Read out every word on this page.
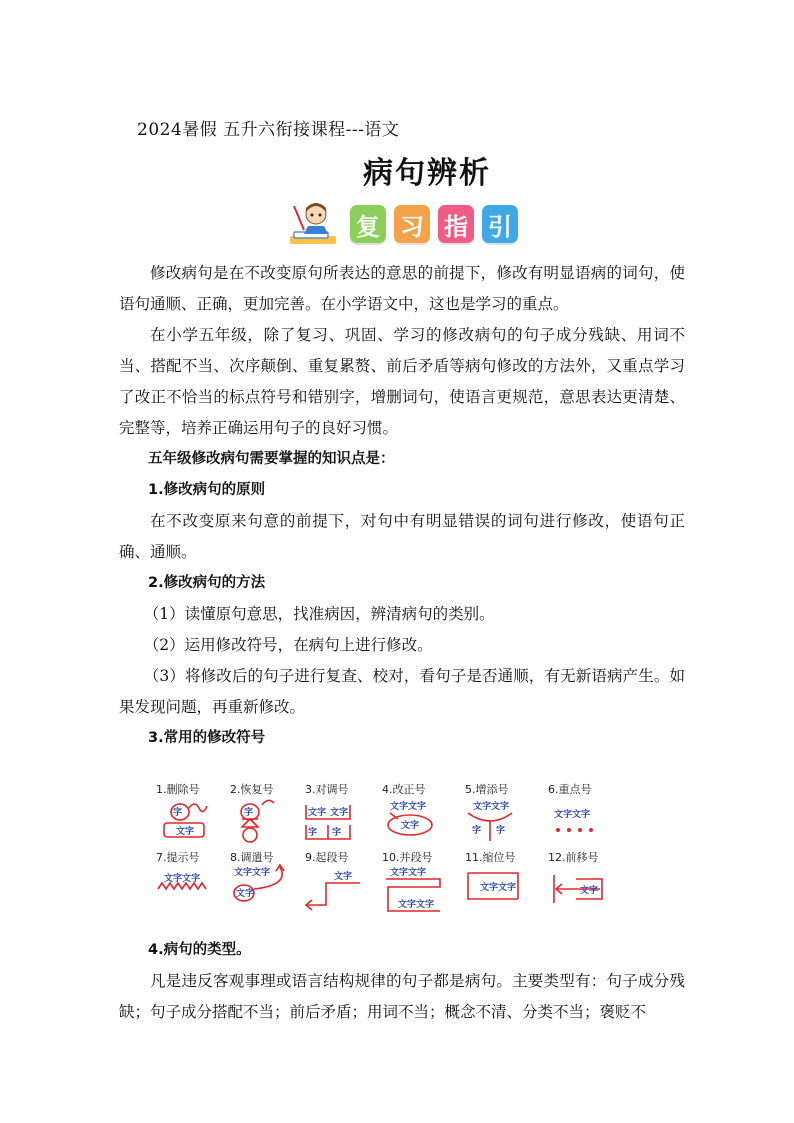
2024暑假 五升六衔接课程---语文
病句辨析
复 习 指 引

修改病句是在不改变原句所表达的意思的前提下，修改有明显语病的词句，使语句通顺、正确，更加完善。在小学语文中，这也是学习的重点。

在小学五年级，除了复习、巩固、学习的修改病句的句子成分残缺、用词不当、搭配不当、次序颠倒、重复累赘、前后矛盾等病句修改的方法外，又重点学习了改正不恰当的标点符号和错别字，增删词句，使语言更规范，意思表达更清楚、完整等，培养正确运用句子的良好习惯。

五年级修改病句需要掌握的知识点是：

1.修改病句的原则

在不改变原来句意的前提下，对句中有明显错误的词句进行修改，使语句正确、通顺。

2.修改病句的方法

（1）读懂原句意思，找准病因，辨清病句的类别。

（2）运用修改符号，在病句上进行修改。

（3）将修改后的句子进行复查、校对，看句子是否通顺，有无新语病产生。如果发现问题，再重新修改。

3.常用的修改符号

1.删除号	2.恢复号	3.对调号	4.改正号	5.增添号	6.重点号
字
文字
字	文字 文字
字 字
文字文字
文字
文字文字
字 字
文字文字
7.提示号	8.调遣号	9.起段号	10.并段号	11.缩位号	12.前移号
文字文字
文字文字
文字
文字	文字文字
文字文字
文字文字	文字

4.病句的类型。

凡是违反客观事理或语言结构规律的句子都是病句。主要类型有：句子成分残缺；句子成分搭配不当；前后矛盾；用词不当；概念不清、分类不当；褒贬不
